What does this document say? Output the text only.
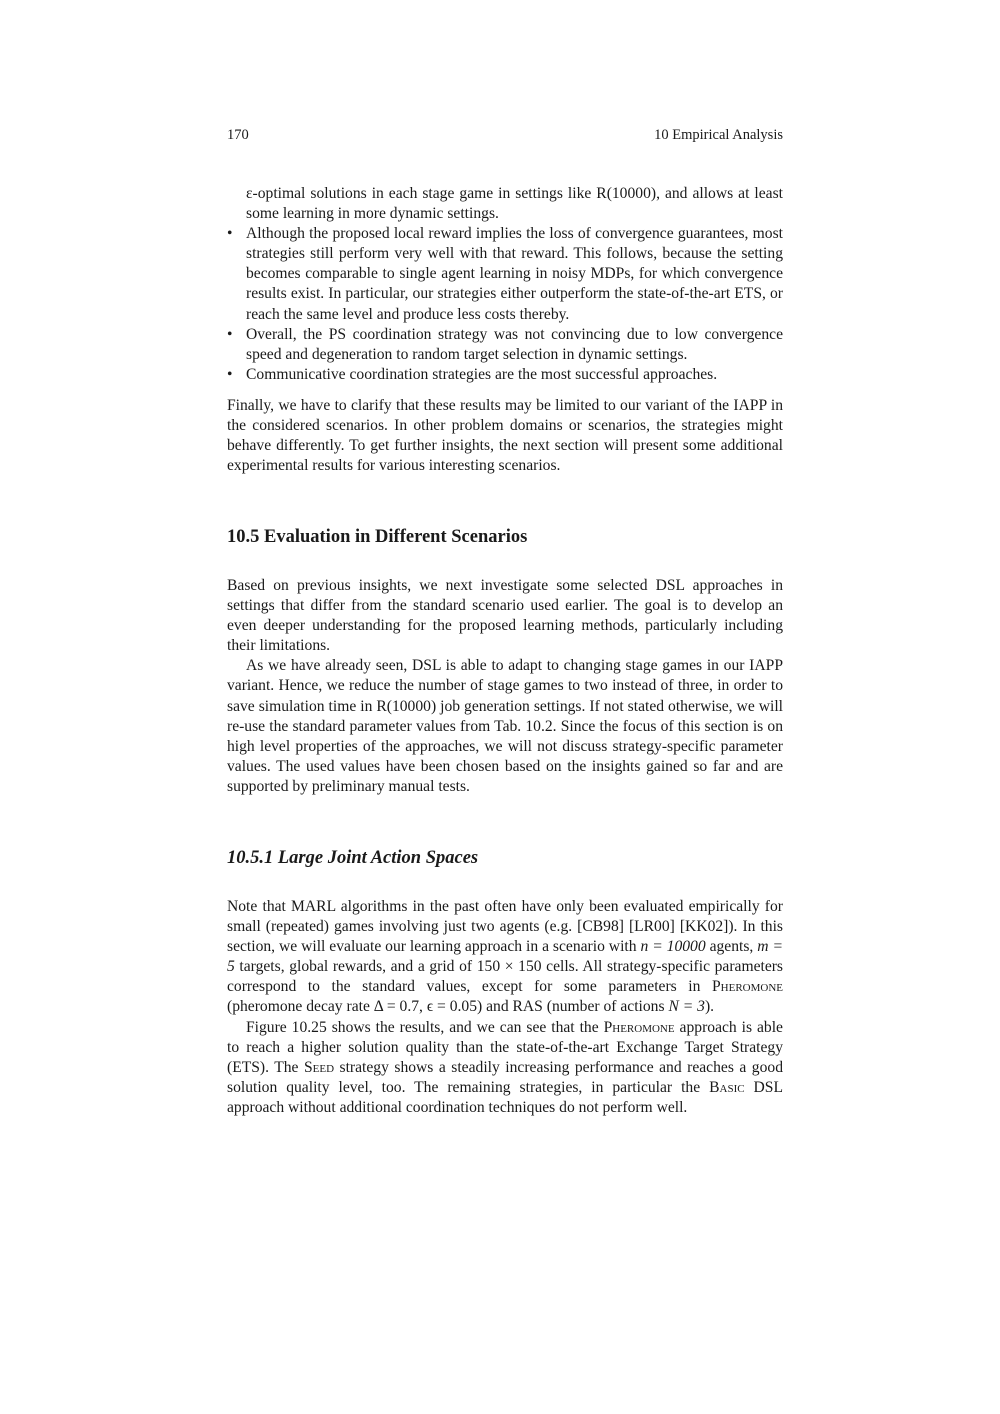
170	10 Empirical Analysis
ε-optimal solutions in each stage game in settings like R(10000), and allows at least some learning in more dynamic settings.
• Although the proposed local reward implies the loss of convergence guarantees, most strategies still perform very well with that reward. This follows, because the setting becomes comparable to single agent learning in noisy MDPs, for which convergence results exist. In particular, our strategies either outperform the state-of-the-art ETS, or reach the same level and produce less costs thereby.
• Overall, the PS coordination strategy was not convincing due to low convergence speed and degeneration to random target selection in dynamic settings.
• Communicative coordination strategies are the most successful approaches.

Finally, we have to clarify that these results may be limited to our variant of the IAPP in the considered scenarios. In other problem domains or scenarios, the strategies might behave differently. To get further insights, the next section will present some additional experimental results for various interesting scenarios.

10.5 Evaluation in Different Scenarios

Based on previous insights, we next investigate some selected DSL approaches in settings that differ from the standard scenario used earlier. The goal is to develop an even deeper understanding for the proposed learning methods, particularly including their limitations.

As we have already seen, DSL is able to adapt to changing stage games in our IAPP variant. Hence, we reduce the number of stage games to two instead of three, in order to save simulation time in R(10000) job generation settings. If not stated otherwise, we will re-use the standard parameter values from Tab. 10.2. Since the focus of this section is on high level properties of the approaches, we will not discuss strategy-specific parameter values. The used values have been chosen based on the insights gained so far and are supported by preliminary manual tests.

10.5.1 Large Joint Action Spaces

Note that MARL algorithms in the past often have only been evaluated empirically for small (repeated) games involving just two agents (e.g. [CB98] [LR00] [KK02]). In this section, we will evaluate our learning approach in a scenario with n = 10000 agents, m = 5 targets, global rewards, and a grid of 150 × 150 cells. All strategy-specific parameters correspond to the standard values, except for some parameters in Pheromone (pheromone decay rate Δ = 0.7, ϵ = 0.05) and RAS (number of actions N = 3).

Figure 10.25 shows the results, and we can see that the Pheromone approach is able to reach a higher solution quality than the state-of-the-art Exchange Target Strategy (ETS). The Seed strategy shows a steadily increasing performance and reaches a good solution quality level, too. The remaining strategies, in particular the Basic DSL approach without additional coordination techniques do not perform well.
